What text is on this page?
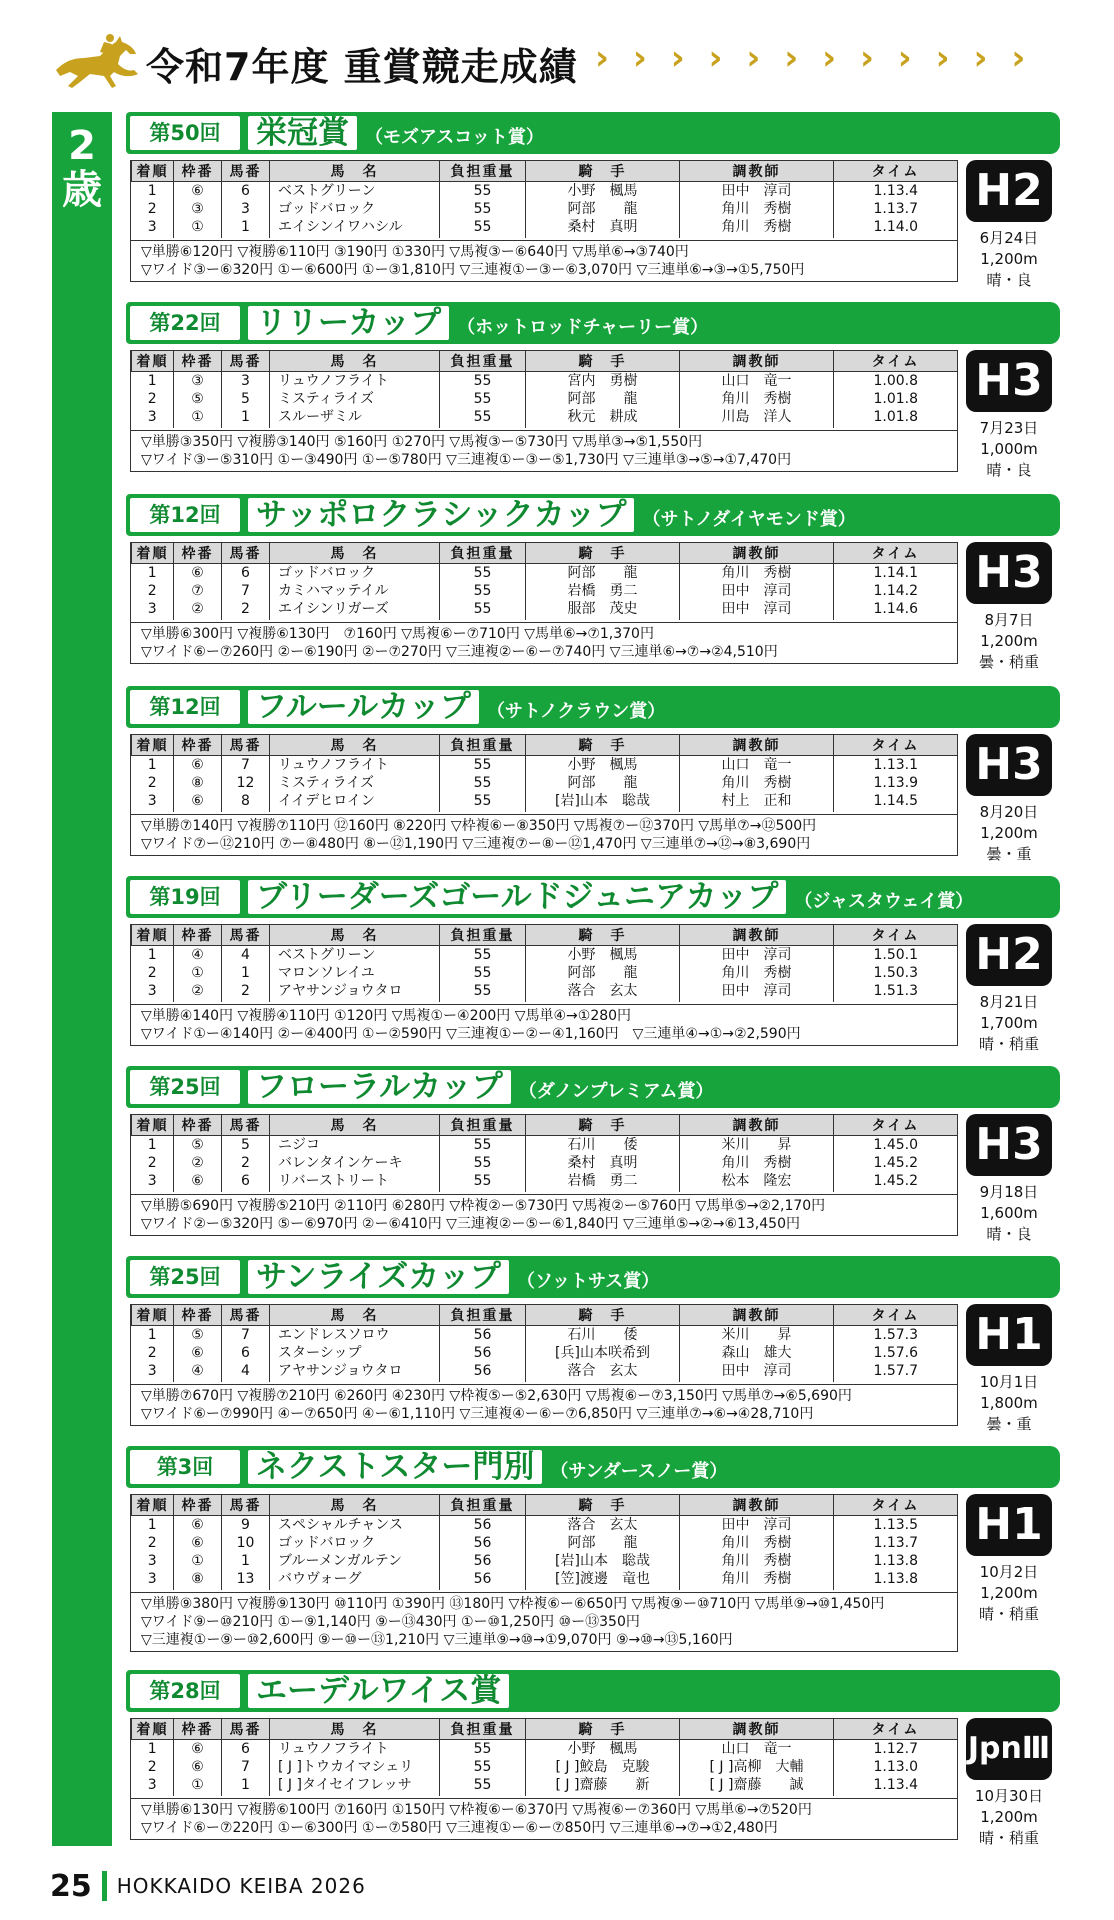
令和7年度 重賞競走成績 › › › › › › › › › › › ›
2歳
第50回	栄冠賞 （モズアスコット賞）
着順	枠番	馬番	馬　名	負担重量	騎　手	調教師	タイム
1	⑥	6	ベストグリーン	55	小野　楓馬	田中　淳司	1.13.4
2	③	3	ゴッドバロック	55	阿部　　龍	角川　秀樹	1.13.7
3	①	1	エイシンイワハシル	55	桑村　真明	角川　秀樹	1.14.0
▽単勝⑥120円 ▽複勝⑥110円 ③190円 ①330円 ▽馬複③ー⑥640円 ▽馬単⑥→③740円
▽ワイド③ー⑥320円 ①ー⑥600円 ①ー③1,810円 ▽三連複①ー③ー⑥3,070円 ▽三連単⑥→③→①5,750円
H2
6月24日
1,200m
晴・良
第22回	リリーカップ （ホットロッドチャーリー賞）
着順	枠番	馬番	馬　名	負担重量	騎　手	調教師	タイム
1	③	3	リュウノフライト	55	宮内　勇樹	山口　竜一	1.00.8
2	⑤	5	ミスティライズ	55	阿部　　龍	角川　秀樹	1.01.8
3	①	1	スルーザミル	55	秋元　耕成	川島　洋人	1.01.8
▽単勝③350円 ▽複勝③140円 ⑤160円 ①270円 ▽馬複③ー⑤730円 ▽馬単③→⑤1,550円
▽ワイド③ー⑤310円 ①ー③490円 ①ー⑤780円 ▽三連複①ー③ー⑤1,730円 ▽三連単③→⑤→①7,470円
H3
7月23日
1,000m
晴・良
第12回	サッポロクラシックカップ （サトノダイヤモンド賞）
着順	枠番	馬番	馬　名	負担重量	騎　手	調教師	タイム
1	⑥	6	ゴッドバロック	55	阿部　　龍	角川　秀樹	1.14.1
2	⑦	7	カミハマッテイル	55	岩橋　勇二	田中　淳司	1.14.2
3	②	2	エイシンリガーズ	55	服部　茂史	田中　淳司	1.14.6
▽単勝⑥300円 ▽複勝⑥130円　⑦160円 ▽馬複⑥ー⑦710円 ▽馬単⑥→⑦1,370円
▽ワイド⑥ー⑦260円 ②ー⑥190円 ②ー⑦270円 ▽三連複②ー⑥ー⑦740円 ▽三連単⑥→⑦→②4,510円
H3
8月7日
1,200m
曇・稍重
第12回	フルールカップ （サトノクラウン賞）
着順	枠番	馬番	馬　名	負担重量	騎　手	調教師	タイム
1	⑥	7	リュウノフライト	55	小野　楓馬	山口　竜一	1.13.1
2	⑧	12	ミスティライズ	55	阿部　　龍	角川　秀樹	1.13.9
3	⑥	8	イイデヒロイン	55	[岩]山本　聡哉	村上　正和	1.14.5
▽単勝⑦140円 ▽複勝⑦110円 ⑫160円 ⑧220円 ▽枠複⑥ー⑧350円 ▽馬複⑦ー⑫370円 ▽馬単⑦→⑫500円
▽ワイド⑦ー⑫210円 ⑦ー⑧480円 ⑧ー⑫1,190円 ▽三連複⑦ー⑧ー⑫1,470円 ▽三連単⑦→⑫→⑧3,690円
H3
8月20日
1,200m
曇・重
第19回	ブリーダーズゴールドジュニアカップ （ジャスタウェイ賞）
着順	枠番	馬番	馬　名	負担重量	騎　手	調教師	タイム
1	④	4	ベストグリーン	55	小野　楓馬	田中　淳司	1.50.1
2	①	1	マロンソレイユ	55	阿部　　龍	角川　秀樹	1.50.3
3	②	2	アヤサンジョウタロ	55	落合　玄太	田中　淳司	1.51.3
▽単勝④140円 ▽複勝④110円 ①120円 ▽馬複①ー④200円 ▽馬単④→①280円
▽ワイド①ー④140円 ②ー④400円 ①ー②590円 ▽三連複①ー②ー④1,160円　▽三連単④→①→②2,590円
H2
8月21日
1,700m
晴・稍重
第25回	フローラルカップ （ダノンプレミアム賞）
着順	枠番	馬番	馬　名	負担重量	騎　手	調教師	タイム
1	⑤	5	ニジコ	55	石川　　倭	米川　　昇	1.45.0
2	②	2	バレンタインケーキ	55	桑村　真明	角川　秀樹	1.45.2
3	⑥	6	リバーストリート	55	岩橋　勇二	松本　隆宏	1.45.2
▽単勝⑤690円 ▽複勝⑤210円 ②110円 ⑥280円 ▽枠複②ー⑤730円 ▽馬複②ー⑤760円 ▽馬単⑤→②2,170円
▽ワイド②ー⑤320円 ⑤ー⑥970円 ②ー⑥410円 ▽三連複②ー⑤ー⑥1,840円 ▽三連単⑤→②→⑥13,450円
H3
9月18日
1,600m
晴・良
第25回	サンライズカップ （ソットサス賞）
着順	枠番	馬番	馬　名	負担重量	騎　手	調教師	タイム
1	⑤	7	エンドレスソロウ	56	石川　　倭	米川　　昇	1.57.3
2	⑥	6	スターシップ	56	[兵]山本咲希到	森山　雄大	1.57.6
3	④	4	アヤサンジョウタロ	56	落合　玄太	田中　淳司	1.57.7
▽単勝⑦670円 ▽複勝⑦210円 ⑥260円 ④230円 ▽枠複⑤ー⑤2,630円 ▽馬複⑥ー⑦3,150円 ▽馬単⑦→⑥5,690円
▽ワイド⑥ー⑦990円 ④ー⑦650円 ④ー⑥1,110円 ▽三連複④ー⑥ー⑦6,850円 ▽三連単⑦→⑥→④28,710円
H1
10月1日
1,800m
曇・重
第3回	ネクストスター門別 （サンダースノー賞）
着順	枠番	馬番	馬　名	負担重量	騎　手	調教師	タイム
1	⑥	9	スペシャルチャンス	56	落合　玄太	田中　淳司	1.13.5
2	⑥	10	ゴッドバロック	56	阿部　　龍	角川　秀樹	1.13.7
3	①	1	ブルーメンガルテン	56	[岩]山本　聡哉	角川　秀樹	1.13.8
3	⑧	13	バウヴォーグ	56	[笠]渡邊　竜也	角川　秀樹	1.13.8
▽単勝⑨380円 ▽複勝⑨130円 ⑩110円 ①390円 ⑬180円 ▽枠複⑥ー⑥650円 ▽馬複⑨ー⑩710円 ▽馬単⑨→⑩1,450円
▽ワイド⑨ー⑩210円 ①ー⑨1,140円 ⑨ー⑬430円 ①ー⑩1,250円 ⑩ー⑬350円
▽三連複①ー⑨ー⑩2,600円 ⑨ー⑩ー⑬1,210円 ▽三連単⑨→⑩→①9,070円 ⑨→⑩→⑬5,160円
H1
10月2日
1,200m
晴・稍重
第28回	エーデルワイス賞
着順	枠番	馬番	馬　名	負担重量	騎　手	調教師	タイム
1	⑥	6	リュウノフライト	55	小野　楓馬	山口　竜一	1.12.7
2	⑥	7	[ J ]トウカイマシェリ	55	[ J ]鮫島　克駿	[ J ]高柳　大輔	1.13.0
3	①	1	[ J ]タイセイフレッサ	55	[ J ]齋藤　　新	[ J ]齋藤　　誠	1.13.4
▽単勝⑥130円 ▽複勝⑥100円 ⑦160円 ①150円 ▽枠複⑥ー⑥370円 ▽馬複⑥ー⑦360円 ▽馬単⑥→⑦520円
▽ワイド⑥ー⑦220円 ①ー⑥300円 ①ー⑦580円 ▽三連複①ー⑥ー⑦850円 ▽三連単⑥→⑦→①2,480円
JpnⅢ
10月30日
1,200m
晴・稍重
25 HOKKAIDO KEIBA 2026
